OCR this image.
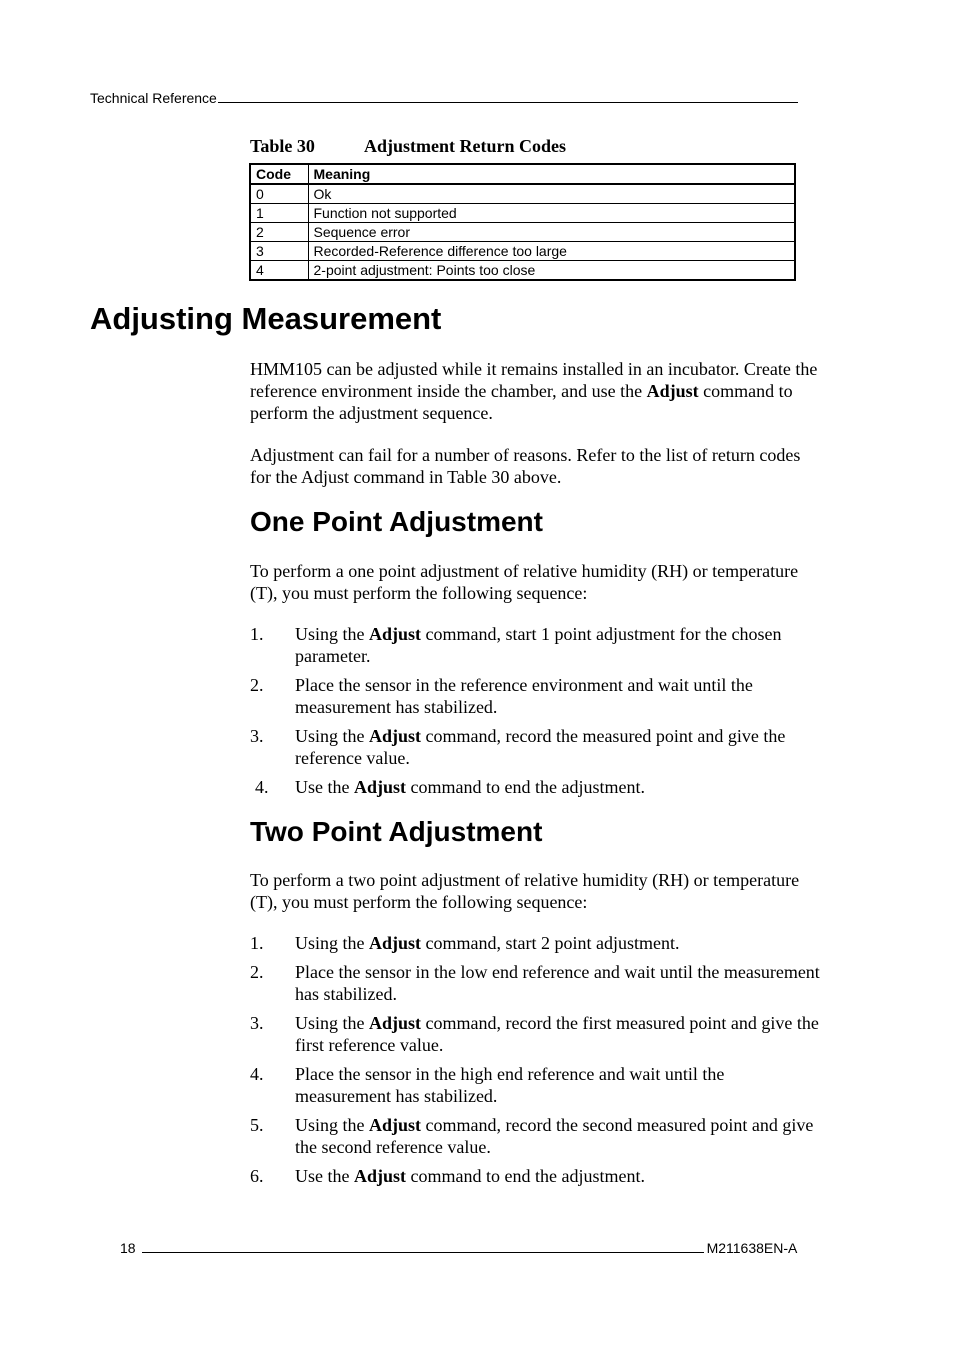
Technical Reference
Table 30	Adjustment Return Codes
Code	Meaning
0	Ok
1	Function not supported
2	Sequence error
3	Recorded-Reference difference too large
4	2-point adjustment: Points too close
Adjusting Measurement

HMM105 can be adjusted while it remains installed in an incubator. Create the reference environment inside the chamber, and use the Adjust command to perform the adjustment sequence.

Adjustment can fail for a number of reasons. Refer to the list of return codes for the Adjust command in Table 30 above.

One Point Adjustment

To perform a one point adjustment of relative humidity (RH) or temperature (T), you must perform the following sequence:

1. Using the Adjust command, start 1 point adjustment for the chosen parameter.
2. Place the sensor in the reference environment and wait until the measurement has stabilized.
3. Using the Adjust command, record the measured point and give the reference value.
4. Use the Adjust command to end the adjustment.
Two Point Adjustment

To perform a two point adjustment of relative humidity (RH) or temperature (T), you must perform the following sequence:

1. Using the Adjust command, start 2 point adjustment.
2. Place the sensor in the low end reference and wait until the measurement has stabilized.
3. Using the Adjust command, record the first measured point and give the first reference value.
4. Place the sensor in the high end reference and wait until the measurement has stabilized.
5. Using the Adjust command, record the second measured point and give the second reference value.
6. Use the Adjust command to end the adjustment.
18	M211638EN-A
